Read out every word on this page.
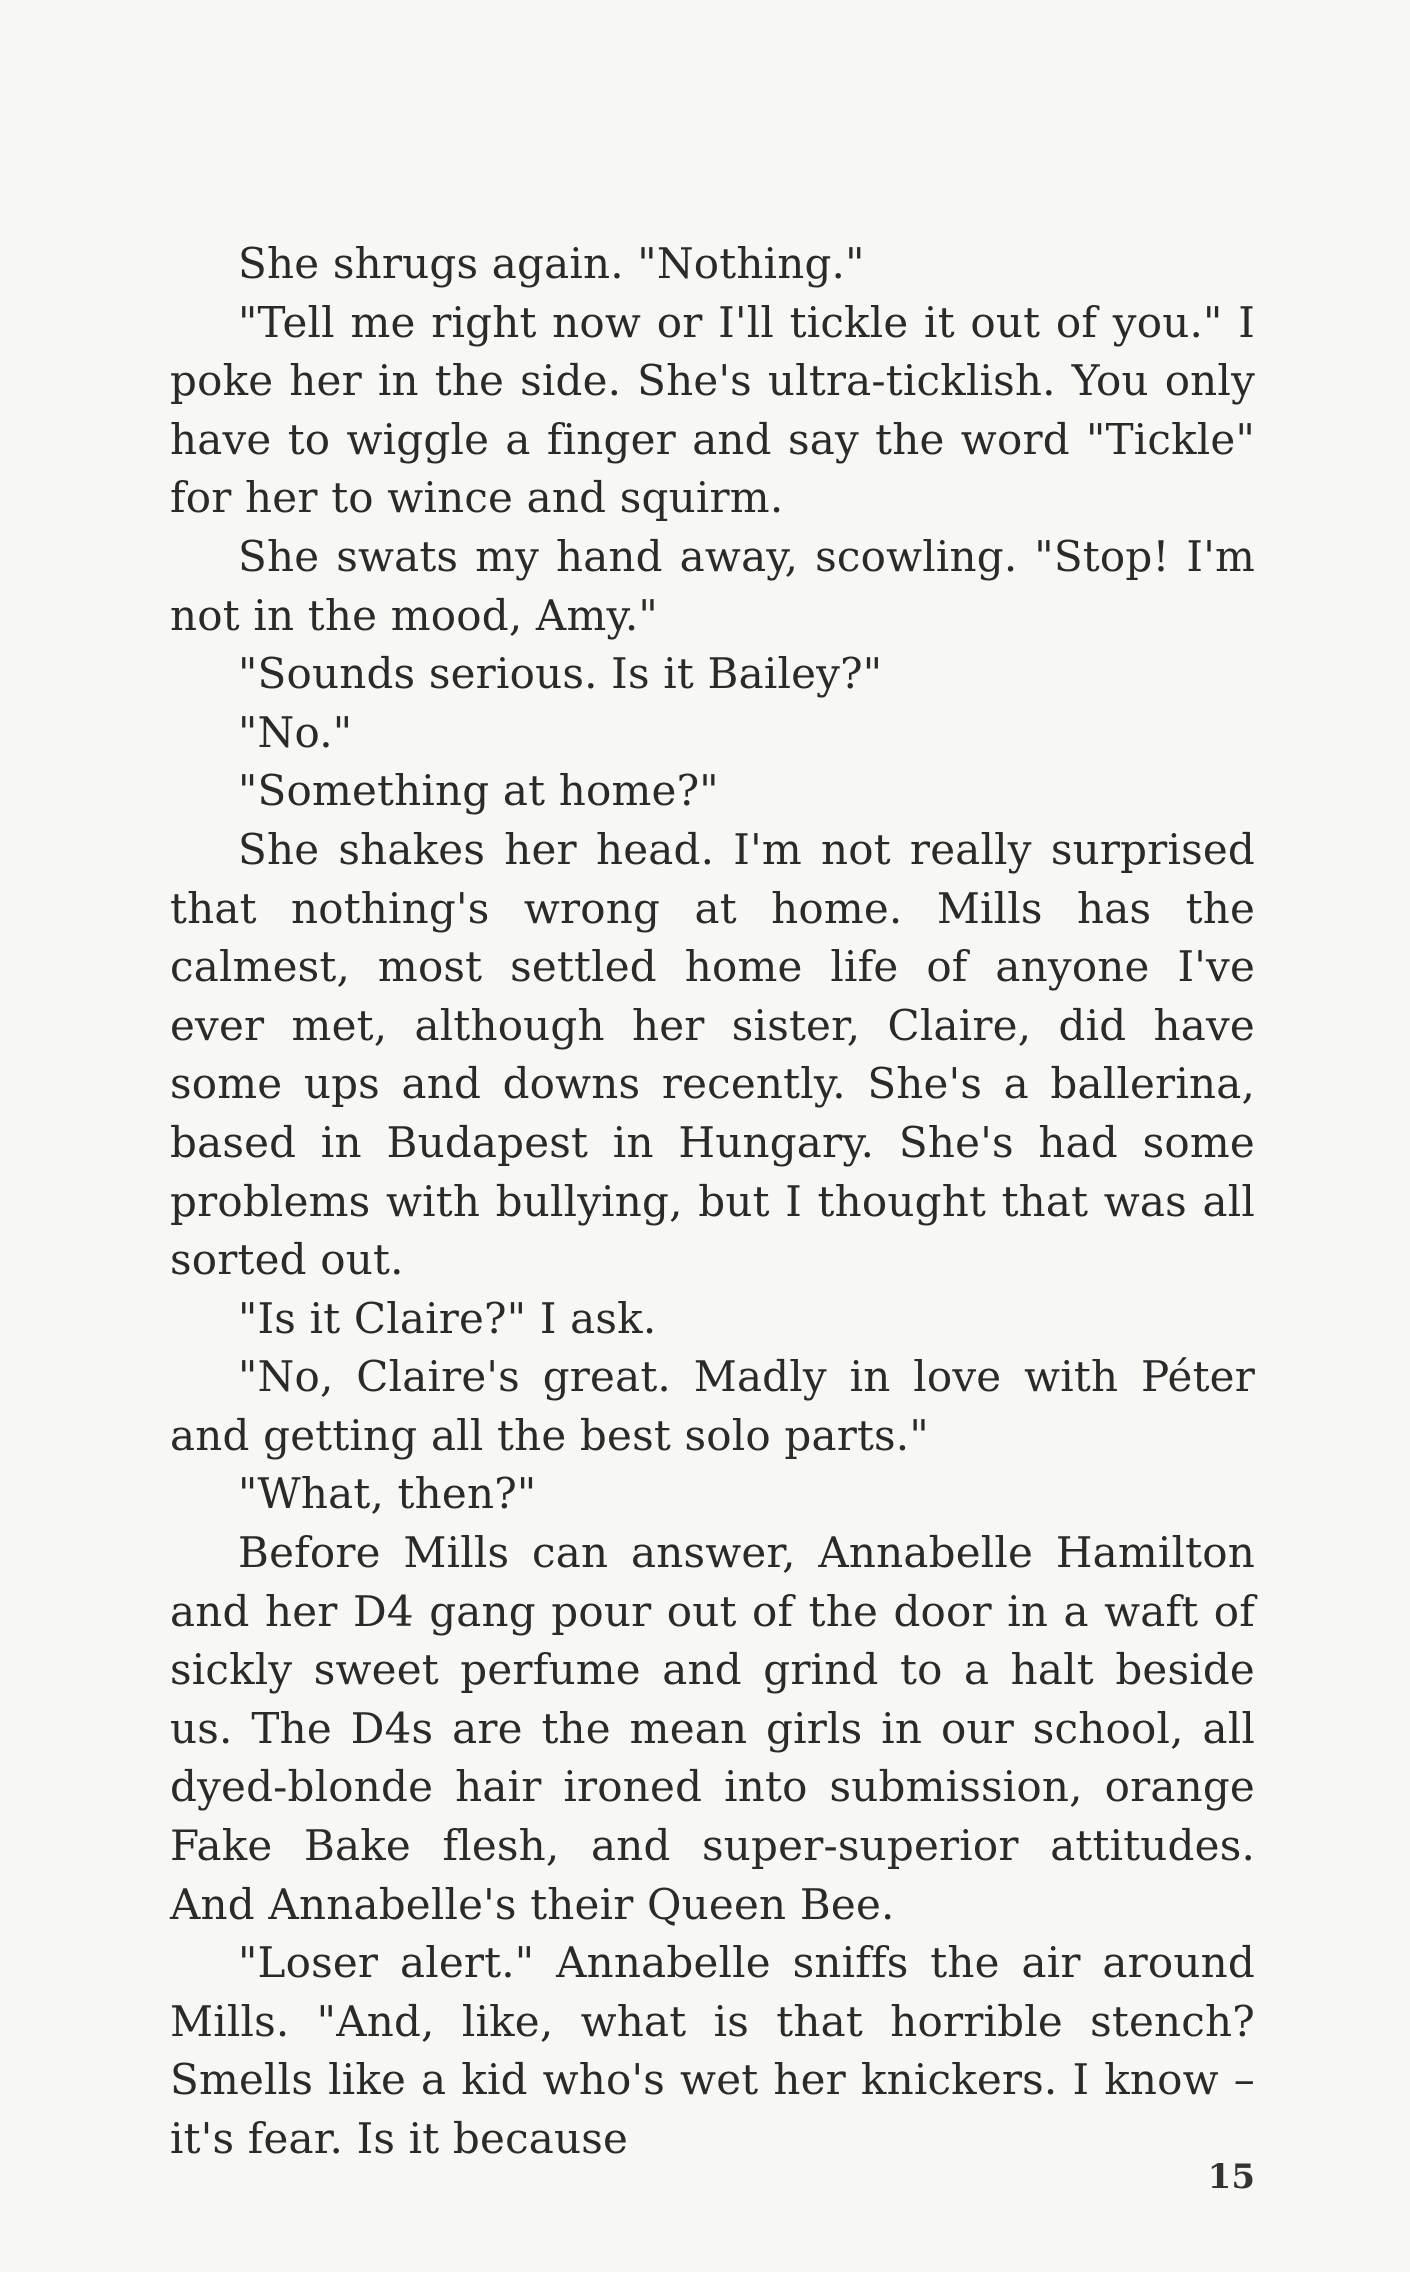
She shrugs again. "Nothing."

"Tell me right now or I'll tickle it out of you." I poke her in the side. She's ultra-ticklish. You only have to wiggle a finger and say the word "Tickle" for her to wince and squirm.

She swats my hand away, scowling. "Stop! I'm not in the mood, Amy."

"Sounds serious. Is it Bailey?"

"No."

"Something at home?"

She shakes her head. I'm not really surprised that nothing's wrong at home. Mills has the calmest, most settled home life of anyone I've ever met, although her sister, Claire, did have some ups and downs recently. She's a ballerina, based in Budapest in Hungary. She's had some problems with bullying, but I thought that was all sorted out.

"Is it Claire?" I ask.

"No, Claire's great. Madly in love with Péter and getting all the best solo parts."

"What, then?"

Before Mills can answer, Annabelle Hamilton and her D4 gang pour out of the door in a waft of sickly sweet perfume and grind to a halt beside us. The D4s are the mean girls in our school, all dyed-blonde hair ironed into submission, orange Fake Bake flesh, and super-superior attitudes. And Annabelle's their Queen Bee.

"Loser alert." Annabelle sniffs the air around Mills. "And, like, what is that horrible stench? Smells like a kid who's wet her knickers. I know – it's fear. Is it because

15
